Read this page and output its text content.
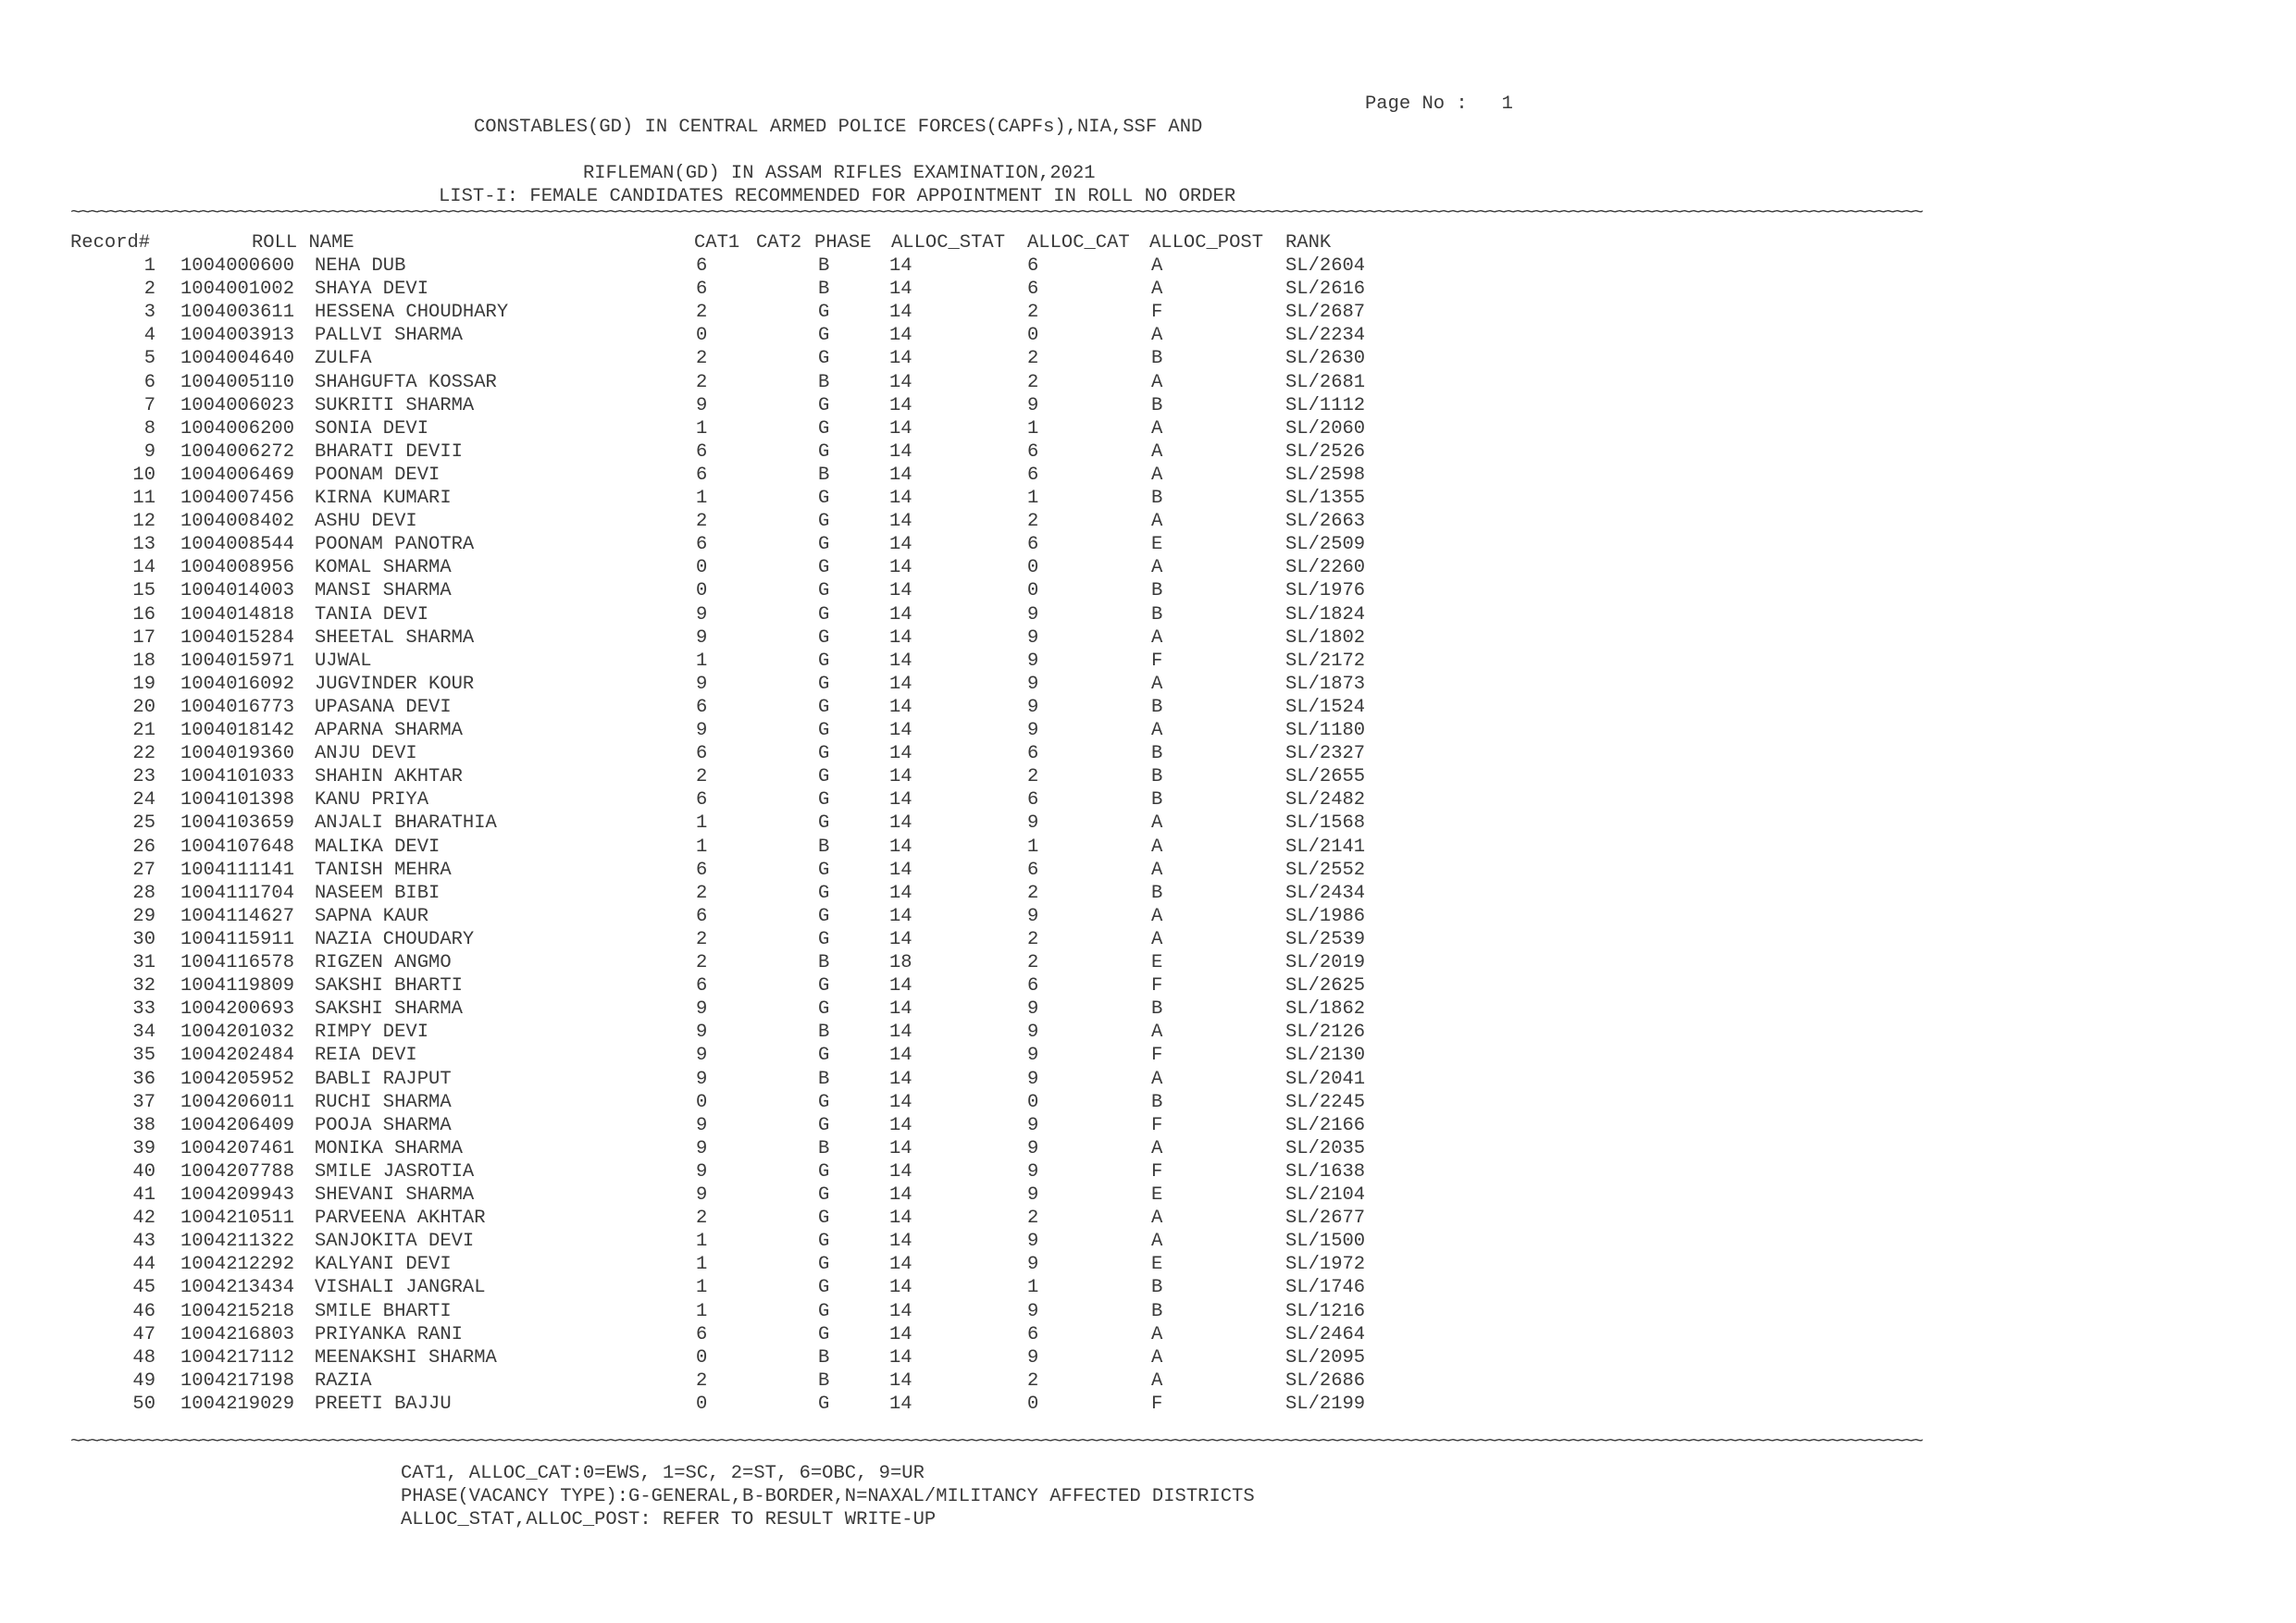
Page No :   1
CONSTABLES(GD) IN CENTRAL ARMED POLICE FORCES(CAPFs),NIA,SSF AND
RIFLEMAN(GD) IN ASSAM RIFLES EXAMINATION,2021
LIST-I: FEMALE CANDIDATES RECOMMENDED FOR APPOINTMENT IN ROLL NO ORDER
~~~~~~~~~~~~~~~~~~~~~~~~~~~~~~~~~~~~~~~~~~~~~~~~~~~~~~~~~~~~~~~~~~~~~~~~~~~~~~~~~~~~~~~~~~~~~~~~~~~~~~~~~~~~~~~~~~~~~~~~~~~~~~~~~~~~~~~~~~~~~~~~~~~~~~~~~~~~~~~~~~~~~~~~~~~~~~~~~~~~~~~~~~~~~~~~~~~~~~~~
Record#	ROLL NAME	CAT1 CAT2 PHASE ALLOC_STAT ALLOC_CAT ALLOC_POST RANK
1 1004000600 NEHA DUB	6	B	14	6	A	SL/2604
2 1004001002 SHAYA DEVI	6	B	14	6	A	SL/2616
3 1004003611 HESSENA CHOUDHARY	2	G	14	2	F	SL/2687
4 1004003913 PALLVI SHARMA	0	G	14	0	A	SL/2234
5 1004004640 ZULFA	2	G	14	2	B	SL/2630
6 1004005110 SHAHGUFTA KOSSAR	2	B	14	2	A	SL/2681
7 1004006023 SUKRITI SHARMA	9	G	14	9	B	SL/1112
8 1004006200 SONIA DEVI	1	G	14	1	A	SL/2060
9 1004006272 BHARATI DEVII	6	G	14	6	A	SL/2526
10 1004006469 POONAM DEVI	6	B	14	6	A	SL/2598
11 1004007456 KIRNA KUMARI	1	G	14	1	B	SL/1355
12 1004008402 ASHU DEVI	2	G	14	2	A	SL/2663
13 1004008544 POONAM PANOTRA	6	G	14	6	E	SL/2509
14 1004008956 KOMAL SHARMA	0	G	14	0	A	SL/2260
15 1004014003 MANSI SHARMA	0	G	14	0	B	SL/1976
16 1004014818 TANIA DEVI	9	G	14	9	B	SL/1824
17 1004015284 SHEETAL SHARMA	9	G	14	9	A	SL/1802
18 1004015971 UJWAL	1	G	14	9	F	SL/2172
19 1004016092 JUGVINDER KOUR	9	G	14	9	A	SL/1873
20 1004016773 UPASANA DEVI	6	G	14	9	B	SL/1524
21 1004018142 APARNA SHARMA	9	G	14	9	A	SL/1180
22 1004019360 ANJU DEVI	6	G	14	6	B	SL/2327
23 1004101033 SHAHIN AKHTAR	2	G	14	2	B	SL/2655
24 1004101398 KANU PRIYA	6	G	14	6	B	SL/2482
25 1004103659 ANJALI BHARATHIA	1	G	14	9	A	SL/1568
26 1004107648 MALIKA DEVI	1	B	14	1	A	SL/2141
27 1004111141 TANISH MEHRA	6	G	14	6	A	SL/2552
28 1004111704 NASEEM BIBI	2	G	14	2	B	SL/2434
29 1004114627 SAPNA KAUR	6	G	14	9	A	SL/1986
30 1004115911 NAZIA CHOUDARY	2	G	14	2	A	SL/2539
31 1004116578 RIGZEN ANGMO	2	B	18	2	E	SL/2019
32 1004119809 SAKSHI BHARTI	6	G	14	6	F	SL/2625
33 1004200693 SAKSHI SHARMA	9	G	14	9	B	SL/1862
34 1004201032 RIMPY DEVI	9	B	14	9	A	SL/2126
35 1004202484 REIA DEVI	9	G	14	9	F	SL/2130
36 1004205952 BABLI RAJPUT	9	B	14	9	A	SL/2041
37 1004206011 RUCHI SHARMA	0	G	14	0	B	SL/2245
38 1004206409 POOJA SHARMA	9	G	14	9	F	SL/2166
39 1004207461 MONIKA SHARMA	9	B	14	9	A	SL/2035
40 1004207788 SMILE JASROTIA	9	G	14	9	F	SL/1638
41 1004209943 SHEVANI SHARMA	9	G	14	9	E	SL/2104
42 1004210511 PARVEENA AKHTAR	2	G	14	2	A	SL/2677
43 1004211322 SANJOKITA DEVI	1	G	14	9	A	SL/1500
44 1004212292 KALYANI DEVI	1	G	14	9	E	SL/1972
45 1004213434 VISHALI JANGRAL	1	G	14	1	B	SL/1746
46 1004215218 SMILE BHARTI	1	G	14	9	B	SL/1216
47 1004216803 PRIYANKA RANI	6	G	14	6	A	SL/2464
48 1004217112 MEENAKSHI SHARMA	0	B	14	9	A	SL/2095
49 1004217198 RAZIA	2	B	14	2	A	SL/2686
50 1004219029 PREETI BAJJU	0	G	14	0	F	SL/2199
~~~~~~~~~~~~~~~~~~~~~~~~~~~~~~~~~~~~~~~~~~~~~~~~~~~~~~~~~~~~~~~~~~~~~~~~~~~~~~~~~~~~~~~~~~~~~~~~~~~~~~~~~~~~~~~~~~~~~~~~~~~~~~~~~~~~~~~~~~~~~~~~~~~~~~~~~~~~~~~~~~~~~~~~~~~~~~~~~~~~~~~~~~~~~~~~~~~~~~~~
CAT1, ALLOC_CAT:0=EWS, 1=SC, 2=ST, 6=OBC, 9=UR
PHASE(VACANCY TYPE):G-GENERAL,B-BORDER,N=NAXAL/MILITANCY AFFECTED DISTRICTS
ALLOC_STAT,ALLOC_POST: REFER TO RESULT WRITE-UP
